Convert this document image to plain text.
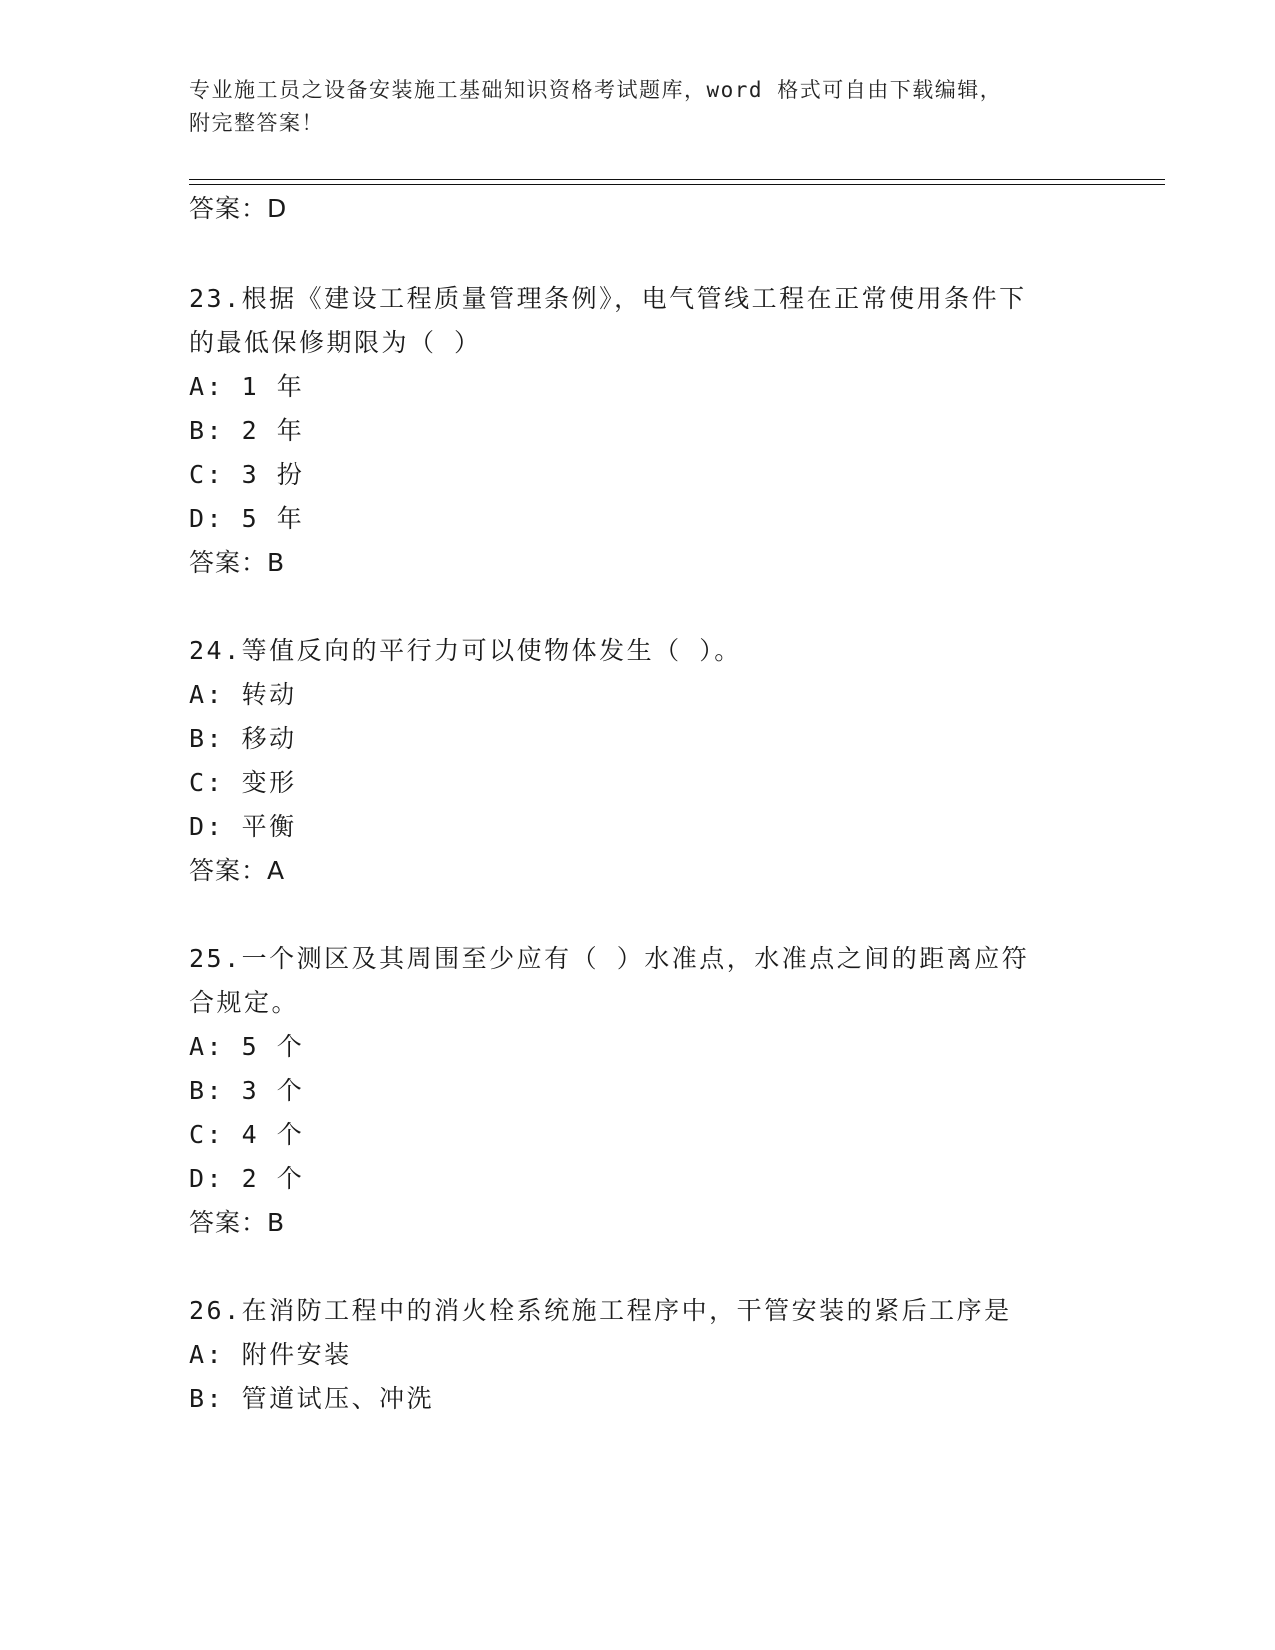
专业施工员之设备安装施工基础知识资格考试题库，word 格式可自由下载编辑，
附完整答案！
答案：D
23.根据《建设工程质量管理条例》，电气管线工程在正常使用条件下
的最低保修期限为（ ）
A: 1 年
B: 2 年
C: 3 扮
D: 5 年
答案：B
24.等值反向的平行力可以使物体发生（ ）。
A: 转动
B: 移动
C: 变形
D: 平衡
答案：A
25.一个测区及其周围至少应有（ ）水准点，水准点之间的距离应符
合规定。
A: 5 个
B: 3 个
C: 4 个
D: 2 个
答案：B
26.在消防工程中的消火栓系统施工程序中，干管安装的紧后工序是
A: 附件安装
B: 管道试压、冲洗
